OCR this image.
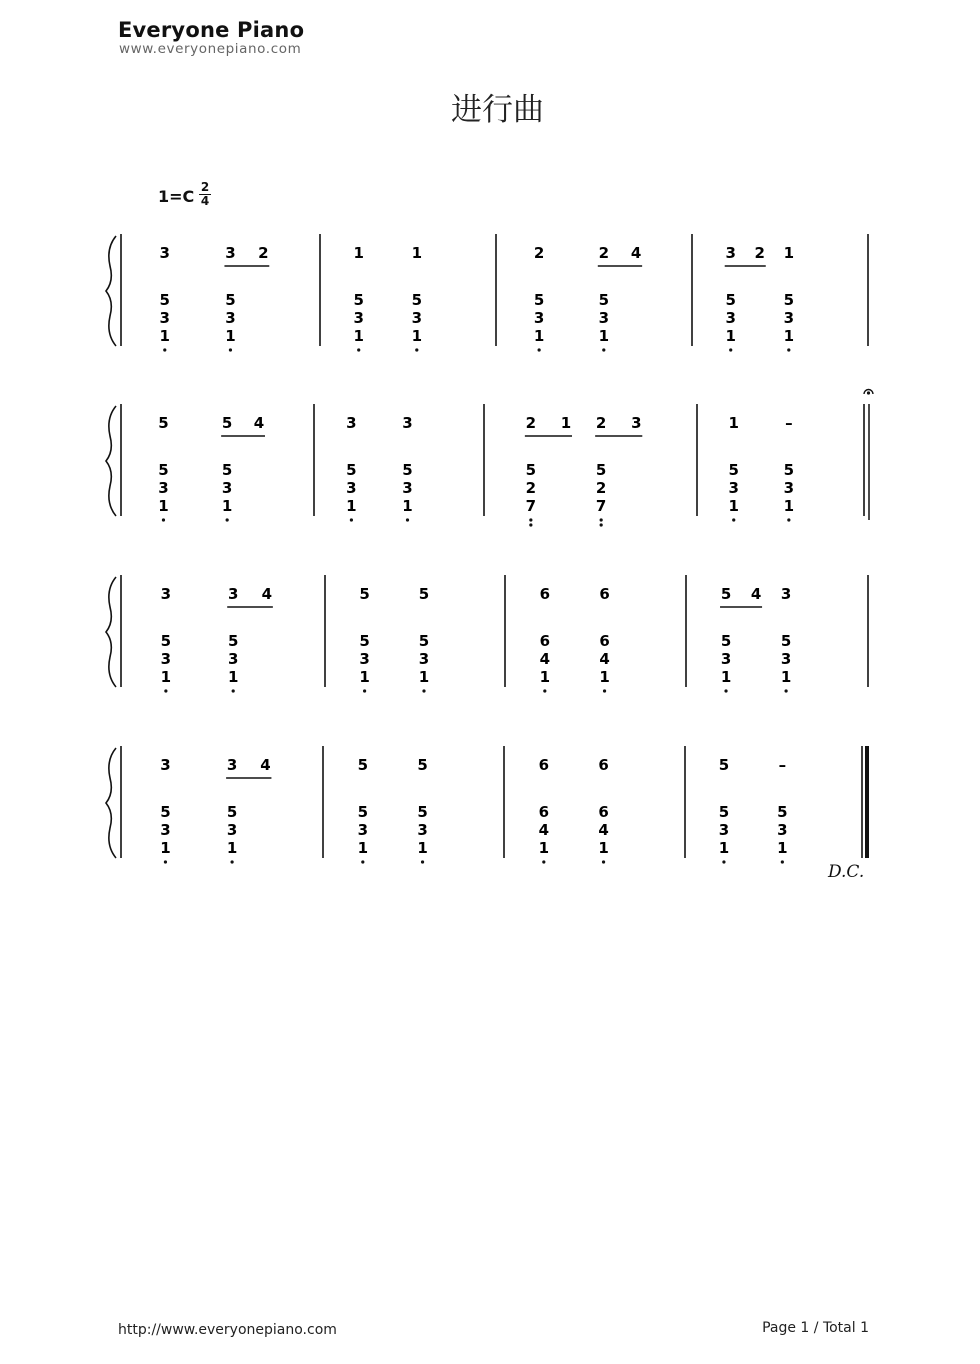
Everyone Piano
www.everyonepiano.com
进行曲
1=C 2
4
3	3 2
5
3
1
5
3
1
1	1
5
3
1
5
3
1
2	2 4
5
3
1
5
3
1
3 2 1
5
3
1
5
3
1
5	5 4
5
3
1
5
3
1
3	3
5
3
1
5
3
1
2 1 2 3
5
2
7
5
2
7
1	–
5
3
1
5
3
1
3	3 4
5
3
1
5
3
1
5	5
5
3
1
5
3
1
6	6
6
4
1
6
4
1
5 4 3
5
3
1
5
3
1
3	3 4
5
3
1
5
3
1
5	5
5
3
1
5
3
1
6	6
6
4
1
6
4
1
5	–
5
3
1
5
3
1
D.C.
http://www.everyonepiano.com	Page 1 / Total 1
